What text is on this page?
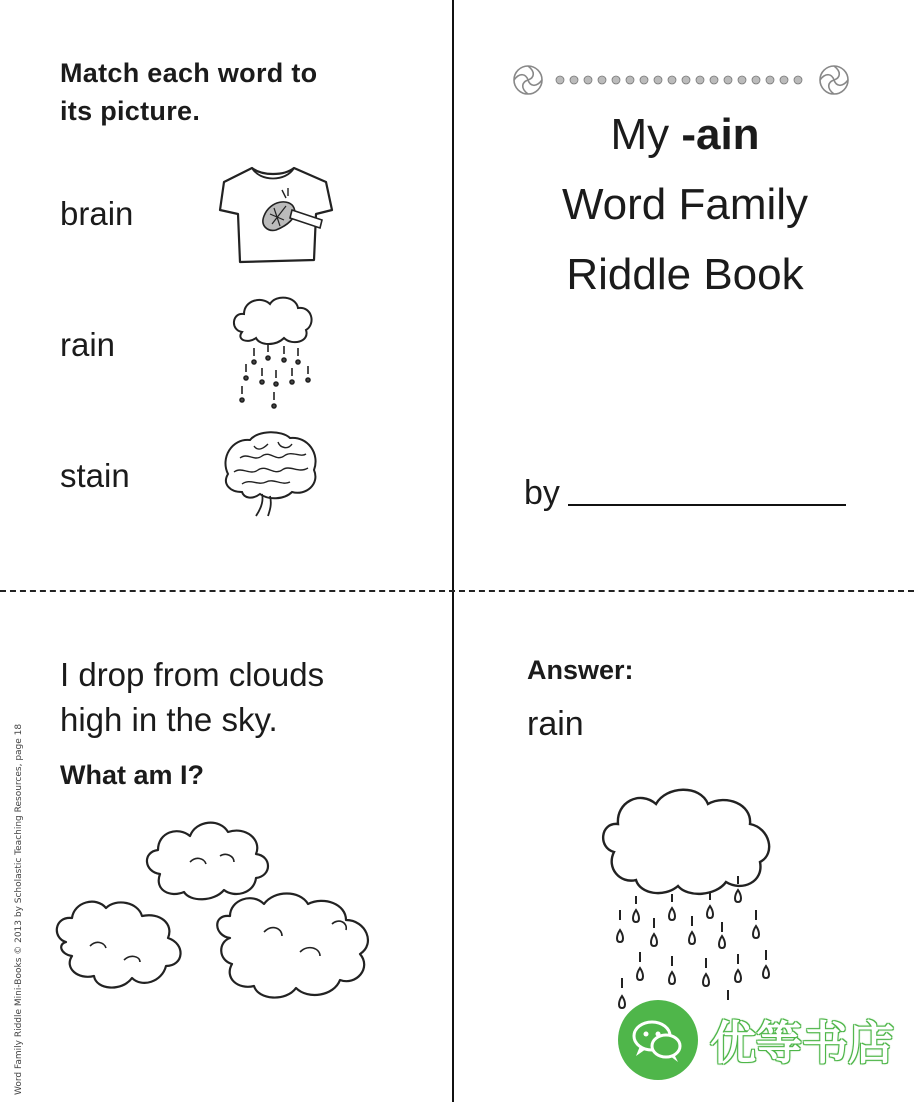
Match each word to
its picture.
brain
rain
stain
My -ain
Word Family
Riddle Book
by
I drop from clouds
high in the sky.
What am I?
Word Family Riddle Mini-Books © 2013 by Scholastic Teaching Resources, page 18
Answer:
rain
优等书店
